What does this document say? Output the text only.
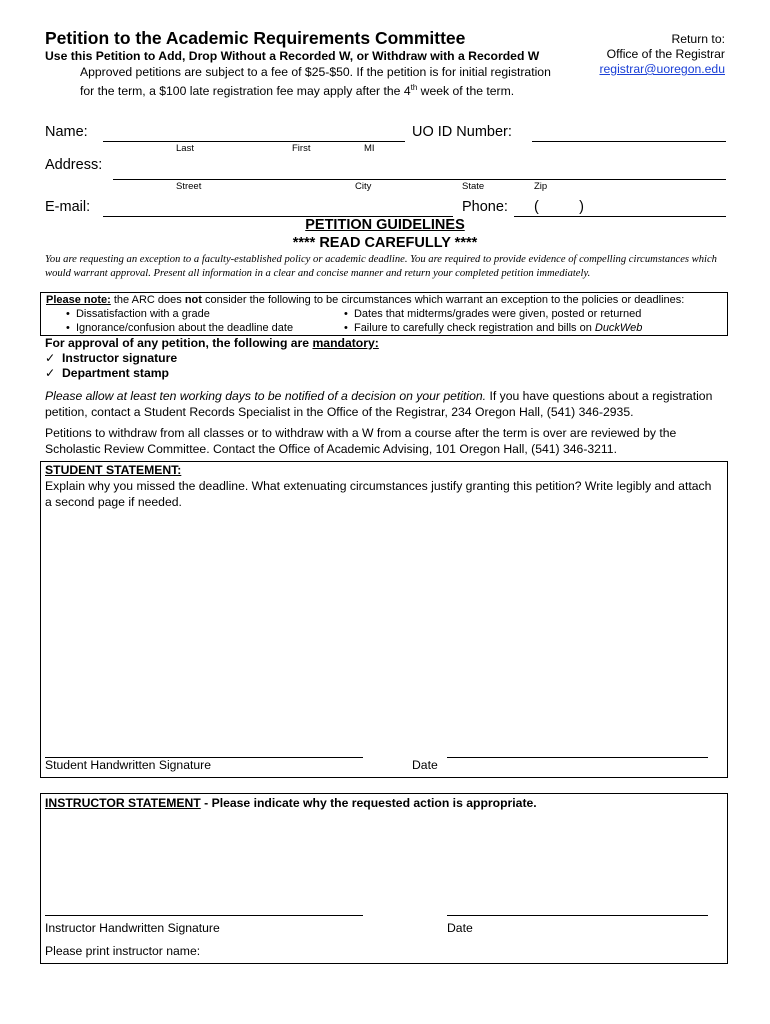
Petition to the Academic Requirements Committee
Use this Petition to Add, Drop Without a Recorded W, or Withdraw with a Recorded W
Approved petitions are subject to a fee of $25-$50. If the petition is for initial registration
for the term, a $100 late registration fee may apply after the 4th week of the term.
Return to:
Office of the Registrar
registrar@uoregon.edu
Name:
Last	First	MI
UO ID Number:
Address:
Street	City	State	Zip
E-mail:	Phone: (          )
PETITION GUIDELINES
**** READ CAREFULLY ****
You are requesting an exception to a faculty-established policy or academic deadline. You are required to provide evidence of compelling circumstances which would warrant approval. Present all information in a clear and concise manner and return your completed petition immediately.
Please note: the ARC does not consider the following to be circumstances which warrant an exception to the policies or deadlines:
•  Dissatisfaction with a grade
•  Ignorance/confusion about the deadline date
•  Dates that midterms/grades were given, posted or returned
•  Failure to carefully check registration and bills on DuckWeb
For approval of any petition, the following are mandatory:
✓ Instructor signature
✓ Department stamp
Please allow at least ten working days to be notified of a decision on your petition. If you have questions about a registration petition, contact a Student Records Specialist in the Office of the Registrar, 234 Oregon Hall, (541) 346-2935.
Petitions to withdraw from all classes or to withdraw with a W from a course after the term is over are reviewed by the Scholastic Review Committee. Contact the Office of Academic Advising, 101 Oregon Hall, (541) 346-3211.
STUDENT STATEMENT:
Explain why you missed the deadline. What extenuating circumstances justify granting this petition? Write legibly and attach a second page if needed.
Student Handwritten Signature	Date
INSTRUCTOR STATEMENT - Please indicate why the requested action is appropriate.
Instructor Handwritten Signature	Date
Please print instructor name:
